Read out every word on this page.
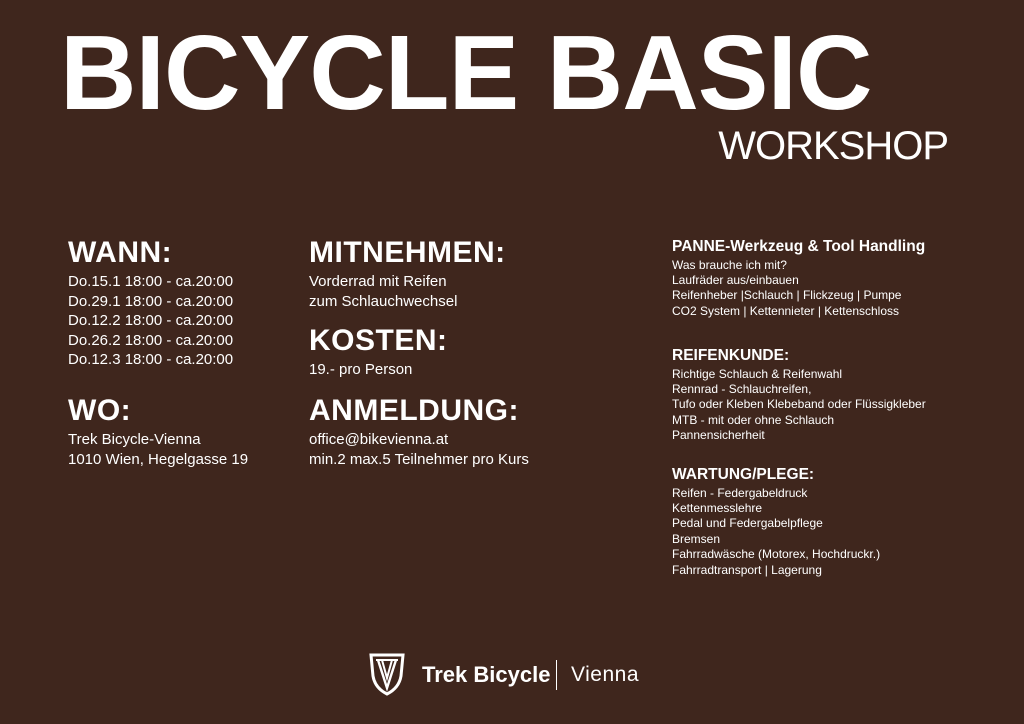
BICYCLE BASIC
WORKSHOP
WANN:
Do.15.1 18:00 - ca.20:00
Do.29.1 18:00 - ca.20:00
Do.12.2 18:00 - ca.20:00
Do.26.2 18:00 - ca.20:00
Do.12.3 18:00 - ca.20:00
WO:
Trek Bicycle-Vienna
1010 Wien, Hegelgasse 19
MITNEHMEN:
Vorderrad mit Reifen
zum Schlauchwechsel
KOSTEN:
19.- pro Person
ANMELDUNG:
office@bikevienna.at
min.2 max.5 Teilnehmer pro Kurs
PANNE-Werkzeug & Tool Handling
Was brauche ich mit?
Laufräder aus/einbauen
Reifenheber |Schlauch | Flickzeug | Pumpe
CO2 System | Kettennieter | Kettenschloss
REIFENKUNDE:
Richtige Schlauch & Reifenwahl
Rennrad - Schlauchreifen,
Tufo oder Kleben Klebeband oder Flüssigkleber
MTB - mit oder ohne Schlauch
Pannensicherheit
WARTUNG/PLEGE:
Reifen - Federgabeldruck
Kettenmesslehre
Pedal und Federgabelpflege
Bremsen
Fahrradwäsche (Motorex, Hochdruckr.)
Fahrradtransport | Lagerung
Trek Bicycle Vienna
